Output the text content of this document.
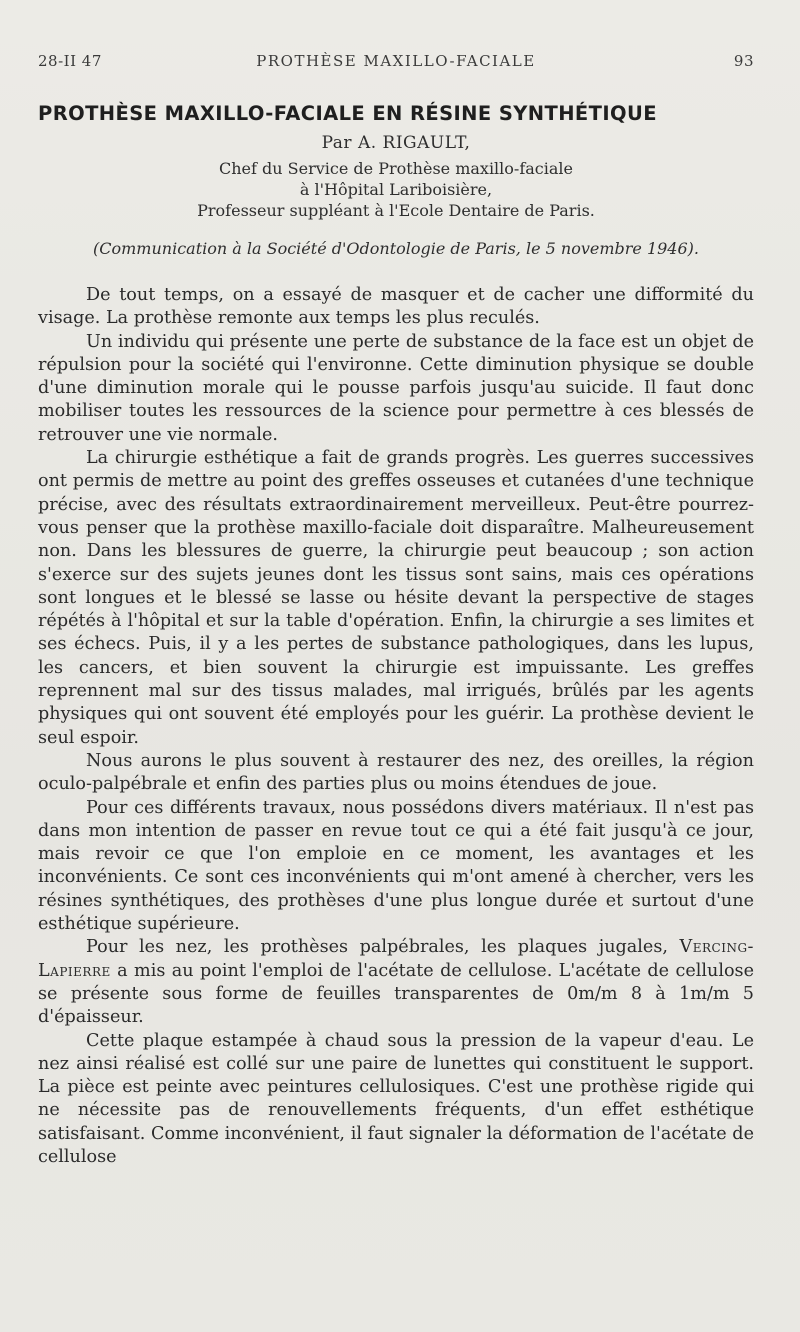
28-II 47	PROTHÈSE MAXILLO-FACIALE	93
PROTHÈSE MAXILLO-FACIALE EN RÉSINE SYNTHÉTIQUE
Par A. RIGAULT,
Chef du Service de Prothèse maxillo-faciale
à l'Hôpital Lariboisière,
Professeur suppléant à l'Ecole Dentaire de Paris.
(Communication à la Société d'Odontologie de Paris, le 5 novembre 1946).

De tout temps, on a essayé de masquer et de cacher une difformité du visage. La prothèse remonte aux temps les plus reculés.

Un individu qui présente une perte de substance de la face est un objet de répulsion pour la société qui l'environne. Cette diminution physique se double d'une diminution morale qui le pousse parfois jusqu'au suicide. Il faut donc mobiliser toutes les ressources de la science pour permettre à ces blessés de retrouver une vie normale.

La chirurgie esthétique a fait de grands progrès. Les guerres successives ont permis de mettre au point des greffes osseuses et cutanées d'une technique précise, avec des résultats extraordinairement merveilleux. Peut-être pourrez-vous penser que la prothèse maxillo-faciale doit disparaître. Malheureusement non. Dans les blessures de guerre, la chirurgie peut beaucoup ; son action s'exerce sur des sujets jeunes dont les tissus sont sains, mais ces opérations sont longues et le blessé se lasse ou hésite devant la perspective de stages répétés à l'hôpital et sur la table d'opération. Enfin, la chirurgie a ses limites et ses échecs. Puis, il y a les pertes de substance pathologiques, dans les lupus, les cancers, et bien souvent la chirurgie est impuissante. Les greffes reprennent mal sur des tissus malades, mal irrigués, brûlés par les agents physiques qui ont souvent été employés pour les guérir. La prothèse devient le seul espoir.

Nous aurons le plus souvent à restaurer des nez, des oreilles, la région oculo-palpébrale et enfin des parties plus ou moins étendues de joue.

Pour ces différents travaux, nous possédons divers matériaux. Il n'est pas dans mon intention de passer en revue tout ce qui a été fait jusqu'à ce jour, mais revoir ce que l'on emploie en ce moment, les avantages et les inconvénients. Ce sont ces inconvénients qui m'ont amené à chercher, vers les résines synthétiques, des prothèses d'une plus longue durée et surtout d'une esthétique supérieure.

Pour les nez, les prothèses palpébrales, les plaques jugales, Vercing-Lapierre a mis au point l'emploi de l'acétate de cellulose. L'acétate de cellulose se présente sous forme de feuilles transparentes de 0m/m 8 à 1m/m 5 d'épaisseur.

Cette plaque estampée à chaud sous la pression de la vapeur d'eau. Le nez ainsi réalisé est collé sur une paire de lunettes qui constituent le support. La pièce est peinte avec peintures cellulosiques. C'est une prothèse rigide qui ne nécessite pas de renouvellements fréquents, d'un effet esthétique satisfaisant. Comme inconvénient, il faut signaler la déformation de l'acétate de cellulose
